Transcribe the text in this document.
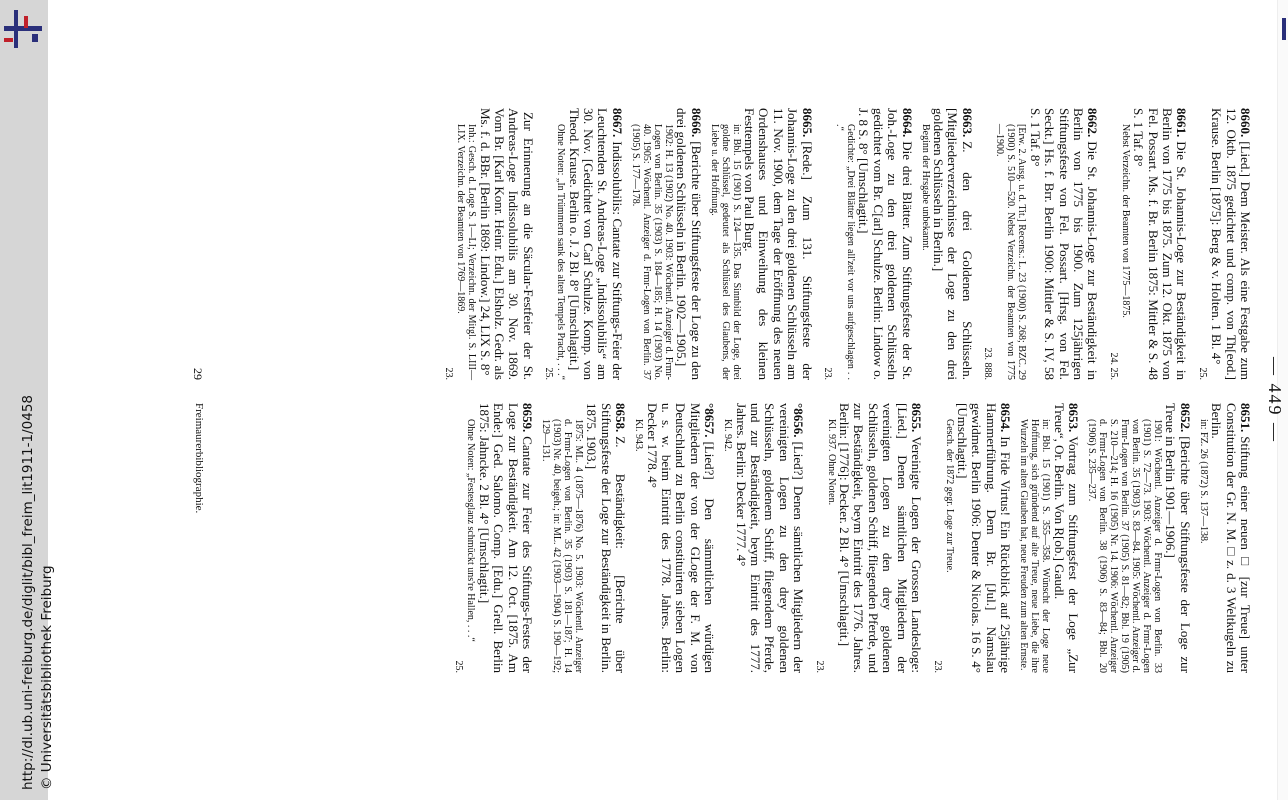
http://dl.ub.uni-freiburg.de/diglit/bibl_freim_lit1911-1/0458 © Universitätsbibliothek Freiburg
— 449 —
8651.Stiftung einer neuen □ [zur Treue] unter Constitution der Gr. N. M. □ z. d. 3 Weltkugeln zu Berlin.
in: FZ. 26 (1872) S. 137—138.
8652.[Berichte über Stiftungsfeste der Loge zur Treue in Berlin 1901—1906.]
1901: Wöchentl. Anzeiger d. Frmr-Logen von Berlin. 33 (1901) S. 72—73. 1903: Wöchentl. Anzeiger d. Frmr-Logen von Berlin. 35 (1903) S. 83—84. 1905: Wöchentl. Anzeiger d. Frmr-Logen von Berlin. 37 (1905) S. 81—82; Bbl. 19 (1905) S. 210—214; H. 16 (1905) Nr. 14. 1906: Wöchentl. Anzeiger d. Frmr-Logen von Berlin. 38 (1906) S. 83—84; Bbl. 20 (1906) S. 235—237.
8653.Vortrag zum Stiftungsfest der Loge „Zur Treue“, Or. Berlin. Von R[ob.] Gaudl.
in: Bbl. 15 (1901) S. 355—358. Wünscht der Loge neue Hoffnung, sich gründend auf alte Treue, neue Liebe, die ihre Wurzeln im alten Glauben hat, neue Freuden zum alten Ernste.
8654.In Fide Virtus! Ein Rückblick auf 25jährige Hammerführung. Dem Br. [Jul.] Namslau gewidmet. Berlin 1906: Denter & Nicolas. 16 S. 4° [Umschlagtit.]
Gesch. der 1872 gegr. Loge zur Treue.
23.
8655.Vereinigte Logen der Grossen Landesloge: [Lied.] Denen sämtlichen Mitgliedern der vereinigten Logen zu den drey goldenen Schlüsseln, goldenen Schiff, fliegenden Pferde, und zur Beständigkeit, beym Eintritt des 1776. Jahres. Berlin: [1776]: Decker. 2 Bl. 4° [Umschlagtit.]
Kl. 937. Ohne Noten.
23.
°8656.[Lied?] Denen sämtlichen Mitgliedern der vereinigten Logen zu den drey goldenen Schlüsseln, goldenem Schiff, fliegendem Pferde, und zur Beständigkeit, beym Eintritt des 1777. Jahres. Berlin: Decker 1777. 4°
Kl. 942.
°8657.[Lied?] Den sämmtlichen würdigen Mitgliedern der von der GLoge der F. M. von Deutschland zu Berlin constituirten sieben Logen u. s. w. beim Eintritt des 1778. Jahres. Berlin: Decker 1778. 4°
Kl. 943.
8658.Z. Beständigkeit: [Berichte über Stiftungsfeste der Loge zur Beständigkeit in Berlin. 1875. 1903.]
1875: ML. 4 (1875—1876) No. 5. 1903: Wöchentl. Anzeiger d. Frmr-Logen von Berlin. 35 (1903) S. 181—187; H. 14 (1903) Nr. 40, beigeh.; in: ML. 42 (1903—1904) S. 190—192; 129—131.
8659.Cantate zur Feier des Stiftungs-Festes der Loge zur Beständigkeit. Am 12. Oct. [1875. Am Ende:] Ged. Salomo. Comp. [Edu.] Grell. Berlin 1875: Jahncke. 2 Bl. 4° [Umschlagtit.]
Ohne Noten: „Festesglanz schmückt uns're Hallen, . . .“
25.
8660.[Lied.] Dem Meister. Als eine Festgabe zum 12. Oktb. 1875 gedichtet und comp. von Th[eod.] Krause. Berlin [1875]: Berg & v. Holten. 1 Bl. 4°
25.
8661.Die St. Johannis-Loge zur Beständigkeit in Berlin von 1775 bis 1875. Zum 12. Okt. 1875 von Fel. Possart. Ms. f. Br. Berlin 1875: Mittler & S. 48 S. 1 Taf. 8°
Nebst Verzeichn. der Beamten von 1775—1875.
24. 25.
8662.Die St. Johannis-Loge zur Beständigkeit in Berlin von 1775 bis 1900. Zum 125jährigen Stiftungsfeste von Fel. Possart. [Hrsg. von Fel. Seckt.] Hs. f. Brr. Berlin 1900: Mittler & S. IV, 58 S. 1 Taf. 8°
[Erw. 2. Ausg. u. d. Tit.] Recens.: L. 23 (1900) S. 268; BZC. 29 (1900) S. 510—520. Nebst Verzeichn. der Beamten von 1775—1900.
23. 888.
8663.Z. den drei Goldenen Schlüsseln. [Mitgliederverzeichnisse der Loge zu den drei goldenen Schlüsseln in Berlin.]
Beginn der Hrsgabe unbekannt.
8664.Die drei Blätter. Zum Stiftungsfeste der St. Joh.-Loge zu den drei goldenen Schlüsseln gedichtet vom Br. C[arl] Schulze. Berlin: Lindow o. J. 8 S. 8° [Umschlagtit.]
Gedichte: „Drei Blätter liegen all'zeit vor uns aufgeschlagen . . .“
23.
8665.[Rede.] Zum 131. Stiftungsfeste der Johannis-Loge zu den drei goldenen Schlüsseln am 11. Nov. 1900, dem Tage der Eröffnung des neuen Ordenshauses und Einweihung des kleinen Festtempels von Paul Burg.
in: Bbl. 15 (1901) S. 124—135. Das Sinnbild der Loge, drei goldne Schlüssel, gedeutet als Schlüssel des Glaubens, der Liebe u. der Hoffnung.
8666.[Berichte über Stiftungsfeste der Loge zu den drei goldenen Schlüsseln in Berlin. 1902—1905.]
1902: H. 13 (1902) No. 40. 1903: Wöchentl. Anzeiger d. Frmr-Logen von Berlin. 35 (1903) S. 184—185; H. 14 (1903) No. 40. 1905: Wöchentl. Anzeiger d. Frmr-Logen von Berlin. 37 (1905) S. 177—178.
8667.Indissolubilis: Cantate zur Stiftungs-Feier der Leuchtenden St. Andreas-Loge „Indissolubilis“ am 30. Nov. [Gedichtet von Carl Schulze. Komp. von Theod. Krause. Berlin o. J. 2 Bl. 8° [Umschlagtit.]
Ohne Noten: „In Trümmern sank des alten Tempels Pracht, . . .“
25.
Zur Erinnerung an die Säcular-Festfeier der St. Andreas-Loge Indissolubilis am 30. Nov. 1869. Vom Br. [Karl Konr. Heinr. Edu.] Elsholz. Gedr. als Ms. f. d. BBr. [Berlin 1869: Lindow.] 24, LIX S. 8°
Inh.: Gesch. d. Loge S. 1—LI; Verzeichn. der Mitgl. S. LIII—LIX. Verzeichn. der Beamten von 1769—1869.
23.
Freimaurerbibliographie.
29
